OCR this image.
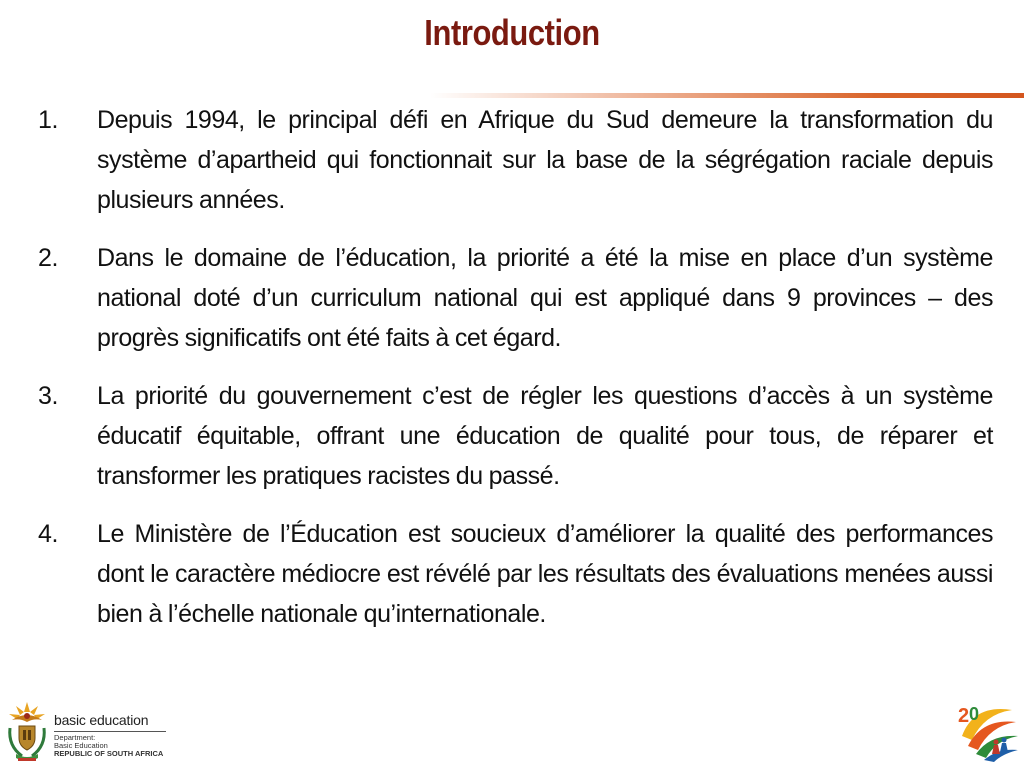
Introduction
1. Depuis 1994, le principal défi en Afrique du Sud demeure la transformation du système d’apartheid qui fonctionnait sur la base de la ségrégation raciale depuis plusieurs années.
2. Dans le domaine de l’éducation, la priorité a été la mise en place d’un système national doté d’un curriculum national qui est appliqué dans 9 provinces – des progrès significatifs ont été faits à cet égard.
3. La priorité du gouvernement c’est de régler les questions d’accès à un système éducatif équitable, offrant une éducation de qualité pour tous, de réparer et transformer les pratiques racistes du passé.
4. Le Ministère de l’Éducation est soucieux d’améliorer la qualité des performances dont le caractère médiocre est révélé par les résultats des évaluations menées aussi bien à l’échelle nationale qu’internationale.
basic education
Department:
Basic Education
REPUBLIC OF SOUTH AFRICA
2 0
